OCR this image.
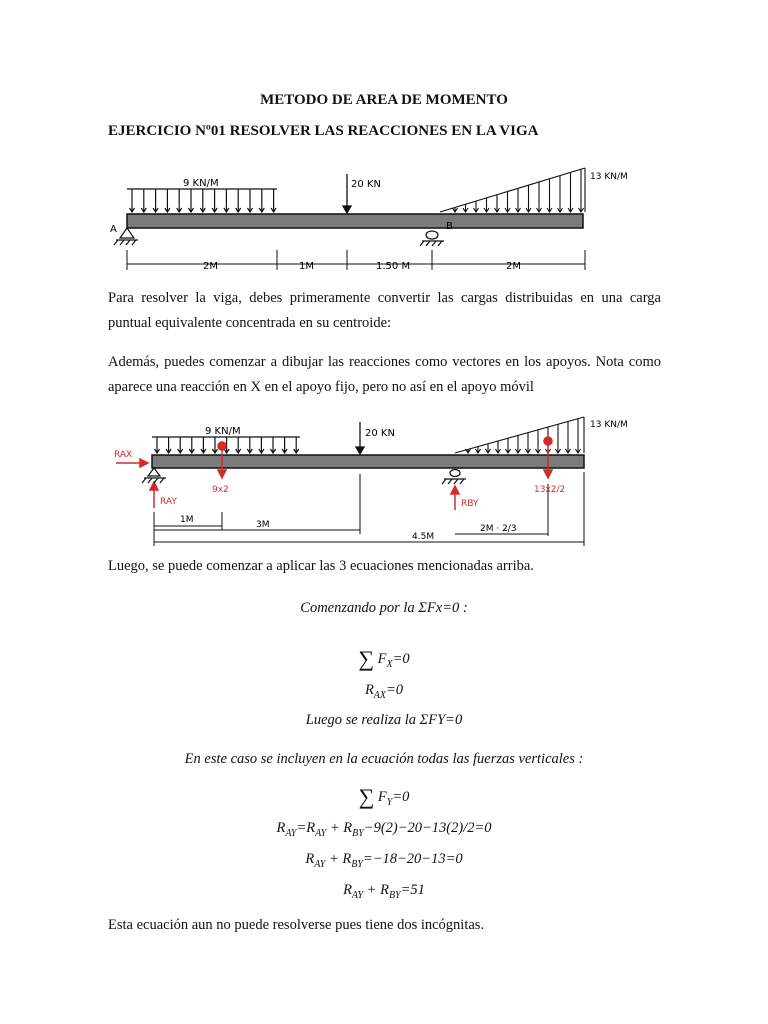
METODO DE AREA DE MOMENTO
EJERCICIO Nº01 RESOLVER LAS REACCIONES EN LA VIGA
9 KN/M	20 KN
13 KN/M
A	B
2M	1M	1.50 M	2M
Para resolver la viga, debes primeramente convertir las cargas distribuidas en una carga puntual equivalente concentrada en su centroide:
Además, puedes comenzar a dibujar las reacciones como vectores en los apoyos. Nota como aparece una reacción en X en el apoyo fijo, pero no así en el apoyo móvil
9 KN/M	20 KN
13 KN/M
9x2	13x2/2
RAX
RAY	RBY
1M	3M
4.5M
2M · 2/3
Luego, se puede comenzar a aplicar las 3 ecuaciones mencionadas arriba.
Comenzando por la ΣFx=0 :
∑ $F_X=0$
$R_{AX}=0$
Luego se realiza la ΣFY=0
En este caso se incluyen en la ecuación todas las fuerzas verticales :
∑ $F_Y=0$
$R_{AY}=R_{AY} + R_{BY}-9(2)-20-13(2)/2=0$
$R_{AY} + R_{BY}=-18-20-13=0$
$R_{AY} + R_{BY}=51$
Esta ecuación aun no puede resolverse pues tiene dos incógnitas.
